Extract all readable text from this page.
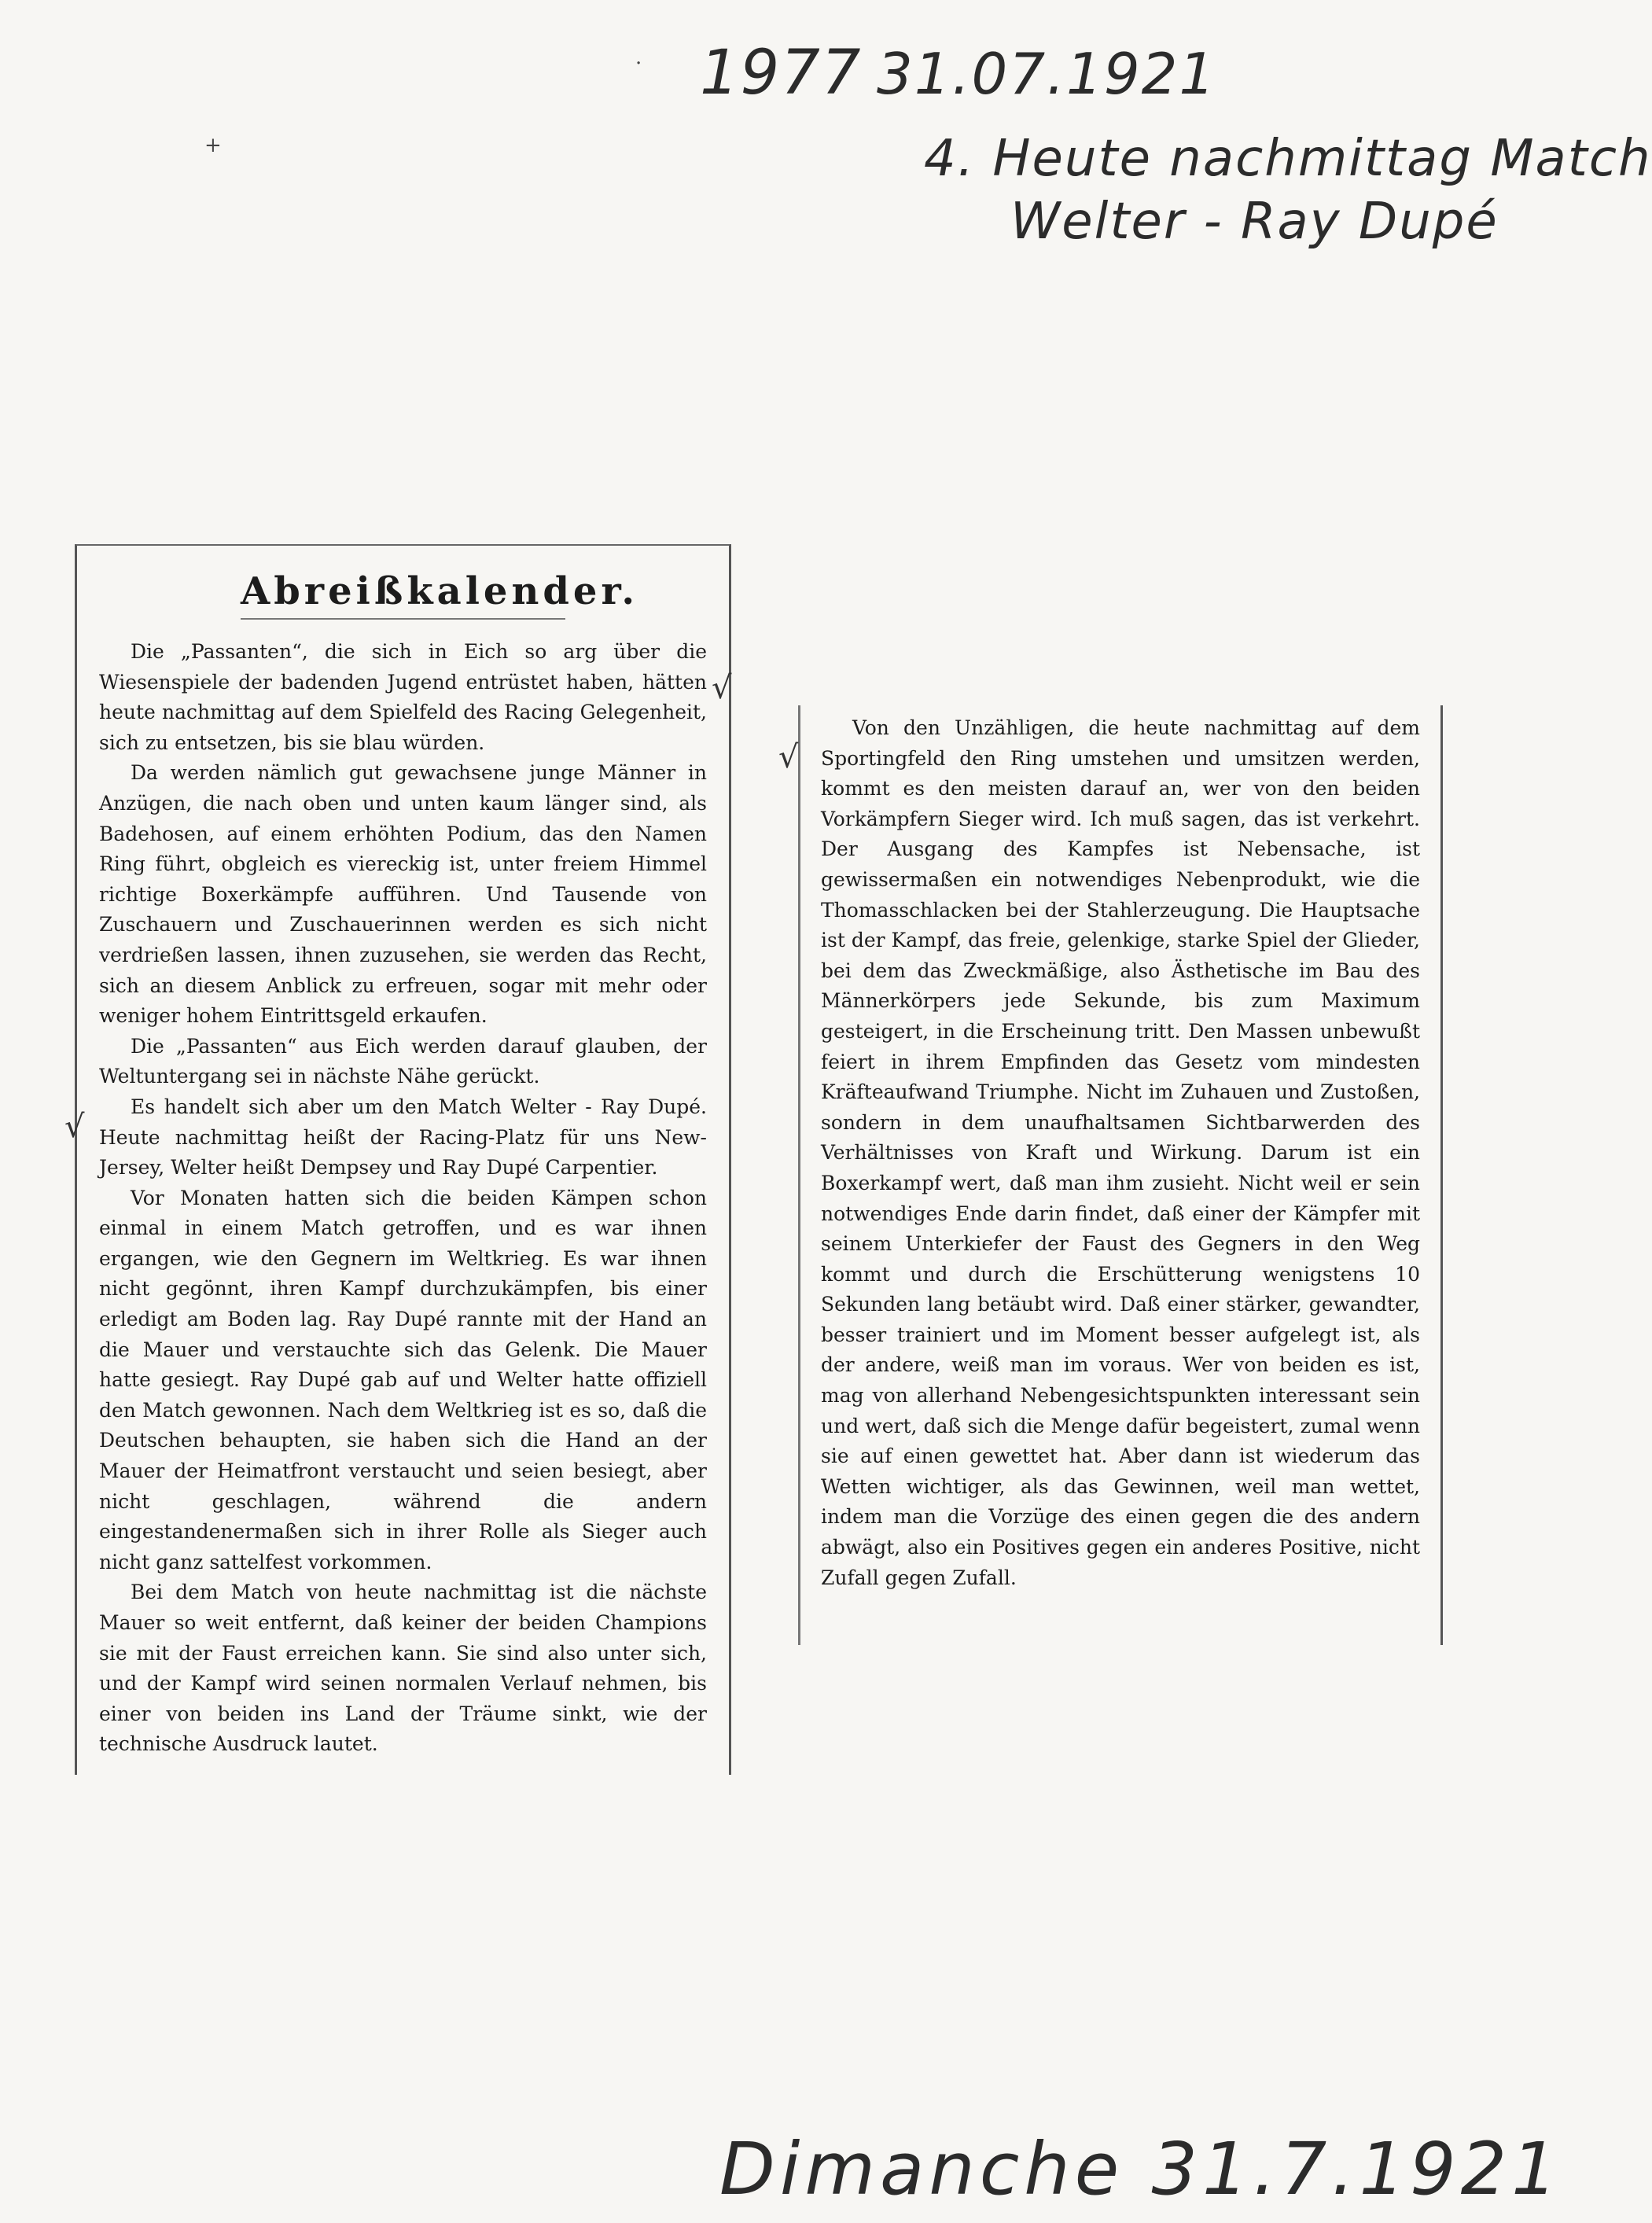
1977 31.07.1921
4. Heute nachmittag Match
Welter - Ray Dupé
+
·
Abreißkalender.

Die „Passanten“, die sich in Eich so arg über die Wiesenspiele der badenden Jugend entrüstet haben, hätten heute nachmittag auf dem Spielfeld des Racing Gelegenheit, sich zu entsetzen, bis sie blau würden.

Da werden nämlich gut gewachsene junge Männer in Anzügen, die nach oben und unten kaum länger sind, als Badehosen, auf einem erhöhten Podium, das den Namen Ring führt, obgleich es viereckig ist, unter freiem Himmel richtige Boxerkämpfe aufführen. Und Tausende von Zuschauern und Zuschauerinnen werden es sich nicht verdrießen lassen, ihnen zuzusehen, sie werden das Recht, sich an diesem Anblick zu erfreuen, sogar mit mehr oder weniger hohem Eintrittsgeld erkaufen.

Die „Passanten“ aus Eich werden darauf glauben, der Weltuntergang sei in nächste Nähe gerückt.

Es handelt sich aber um den Match Welter - Ray Dupé. Heute nachmittag heißt der Racing-Platz für uns New-Jersey, Welter heißt Dempsey und Ray Dupé Carpentier.

Vor Monaten hatten sich die beiden Kämpen schon einmal in einem Match getroffen, und es war ihnen ergangen, wie den Gegnern im Weltkrieg. Es war ihnen nicht gegönnt, ihren Kampf durchzukämpfen, bis einer erledigt am Boden lag. Ray Dupé rannte mit der Hand an die Mauer und verstauchte sich das Gelenk. Die Mauer hatte gesiegt. Ray Dupé gab auf und Welter hatte offiziell den Match gewonnen. Nach dem Weltkrieg ist es so, daß die Deutschen behaupten, sie haben sich die Hand an der Mauer der Heimatfront verstaucht und seien besiegt, aber nicht geschlagen, während die andern eingestandenermaßen sich in ihrer Rolle als Sieger auch nicht ganz sattelfest vorkommen.

Bei dem Match von heute nachmittag ist die nächste Mauer so weit entfernt, daß keiner der beiden Champions sie mit der Faust erreichen kann. Sie sind also unter sich, und der Kampf wird seinen normalen Verlauf nehmen, bis einer von beiden ins Land der Träume sinkt, wie der technische Ausdruck lautet.

Von den Unzähligen, die heute nachmittag auf dem Sportingfeld den Ring umstehen und umsitzen werden, kommt es den meisten darauf an, wer von den beiden Vorkämpfern Sieger wird. Ich muß sagen, das ist verkehrt. Der Ausgang des Kampfes ist Nebensache, ist gewissermaßen ein notwendiges Nebenprodukt, wie die Thomasschlacken bei der Stahlerzeugung. Die Hauptsache ist der Kampf, das freie, gelenkige, starke Spiel der Glieder, bei dem das Zweckmäßige, also Ästhetische im Bau des Männerkörpers jede Sekunde, bis zum Maximum gesteigert, in die Erscheinung tritt. Den Massen unbewußt feiert in ihrem Empfinden das Gesetz vom mindesten Kräfteaufwand Triumphe. Nicht im Zuhauen und Zustoßen, sondern in dem unaufhaltsamen Sichtbarwerden des Verhältnisses von Kraft und Wirkung. Darum ist ein Boxerkampf wert, daß man ihm zusieht. Nicht weil er sein notwendiges Ende darin findet, daß einer der Kämpfer mit seinem Unterkiefer der Faust des Gegners in den Weg kommt und durch die Erschütterung wenigstens 10 Sekunden lang betäubt wird. Daß einer stärker, gewandter, besser trainiert und im Moment besser aufgelegt ist, als der andere, weiß man im voraus. Wer von beiden es ist, mag von allerhand Nebengesichtspunkten interessant sein und wert, daß sich die Menge dafür begeistert, zumal wenn sie auf einen gewettet hat. Aber dann ist wiederum das Wetten wichtiger, als das Gewinnen, weil man wettet, indem man die Vorzüge des einen gegen die des andern abwägt, also ein Positives gegen ein anderes Positive, nicht Zufall gegen Zufall.

√
√
√
Dimanche 31.7.1921
